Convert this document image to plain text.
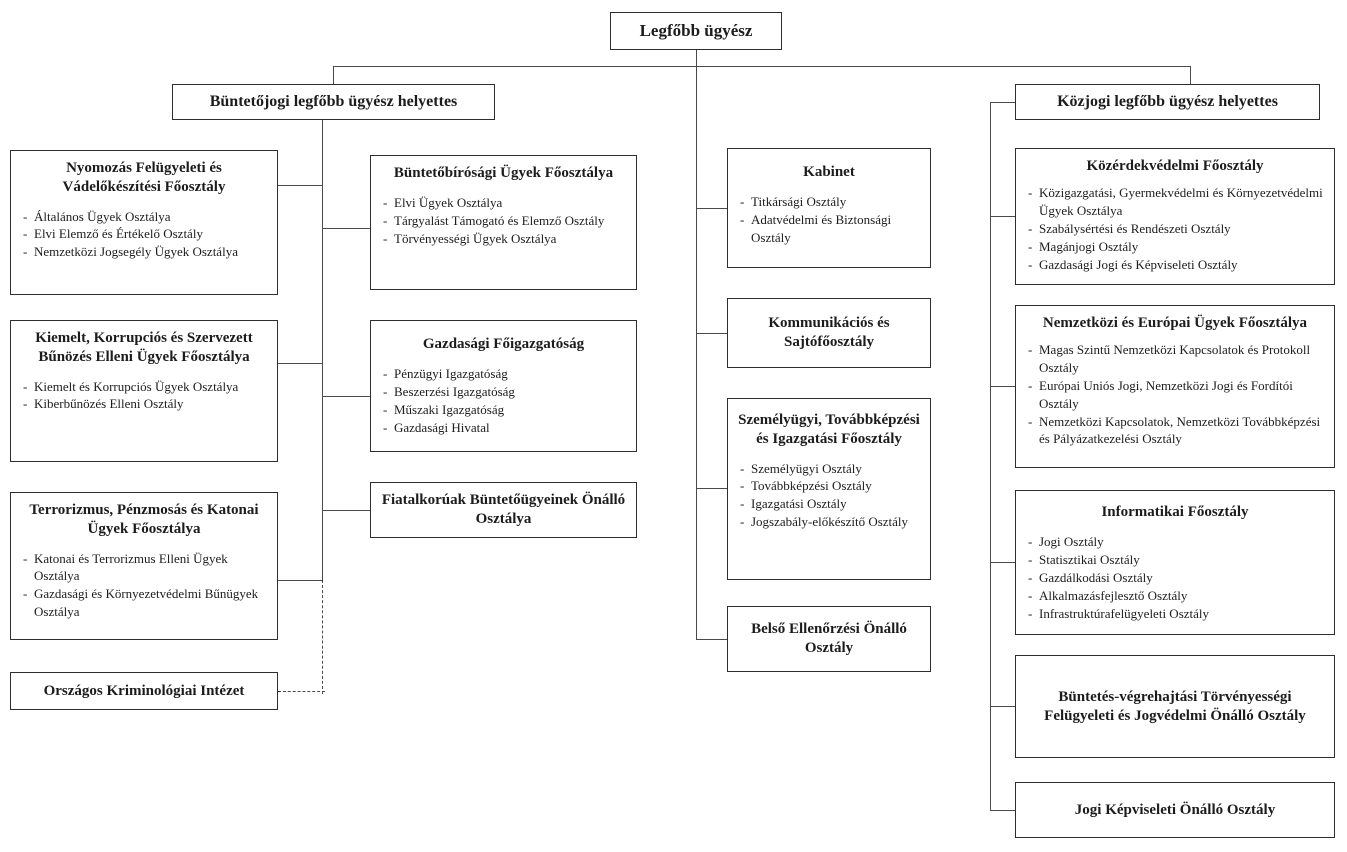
Legfőbb ügyész
Büntetőjogi legfőbb ügyész helyettes	Közjogi legfőbb ügyész helyettes
Nyomozás Felügyeleti és Vádelőkészítési Főosztály
- Általános Ügyek Osztálya
- Elvi Elemző és Értékelő Osztály
- Nemzetközi Jogsegély Ügyek Osztálya
Kiemelt, Korrupciós és Szervezett Bűnözés Elleni Ügyek Főosztálya
- Kiemelt és Korrupciós Ügyek Osztálya
- Kiberbűnözés Elleni Osztály
Terrorizmus, Pénzmosás és Katonai Ügyek Főosztálya
- Katonai és Terrorizmus Elleni Ügyek Osztálya
- Gazdasági és Környezetvédelmi Bűnügyek Osztálya
Országos Kriminológiai Intézet
Büntetőbírósági Ügyek Főosztálya
- Elvi Ügyek Osztálya
- Tárgyalást Támogató és Elemző Osztály
- Törvényességi Ügyek Osztálya
Gazdasági Főigazgatóság
- Pénzügyi Igazgatóság
- Beszerzési Igazgatóság
- Műszaki Igazgatóság
- Gazdasági Hivatal
Fiatalkorúak Büntetőügyeinek Önálló Osztálya
Kabinet
- Titkársági Osztály
- Adatvédelmi és Biztonsági Osztály
Kommunikációs és Sajtófőosztály
Személyügyi, Továbbképzési és Igazgatási Főosztály
- Személyügyi Osztály
- Továbbképzési Osztály
- Igazgatási Osztály
- Jogszabály-előkészítő Osztály
Belső Ellenőrzési Önálló Osztály
Közérdekvédelmi Főosztály
- Közigazgatási, Gyermekvédelmi és Környezetvédelmi Ügyek Osztálya
- Szabálysértési és Rendészeti Osztály
- Magánjogi Osztály
- Gazdasági Jogi és Képviseleti Osztály
Nemzetközi és Európai Ügyek Főosztálya
- Magas Szintű Nemzetközi Kapcsolatok és Protokoll Osztály
- Európai Uniós Jogi, Nemzetközi Jogi és Fordítói Osztály
- Nemzetközi Kapcsolatok, Nemzetközi Továbbképzési és Pályázatkezelési Osztály
Informatikai Főosztály
- Jogi Osztály
- Statisztikai Osztály
- Gazdálkodási Osztály
- Alkalmazásfejlesztő Osztály
- Infrastruktúrafelügyeleti Osztály
Büntetés-végrehajtási Törvényességi Felügyeleti és Jogvédelmi Önálló Osztály
Jogi Képviseleti Önálló Osztály
